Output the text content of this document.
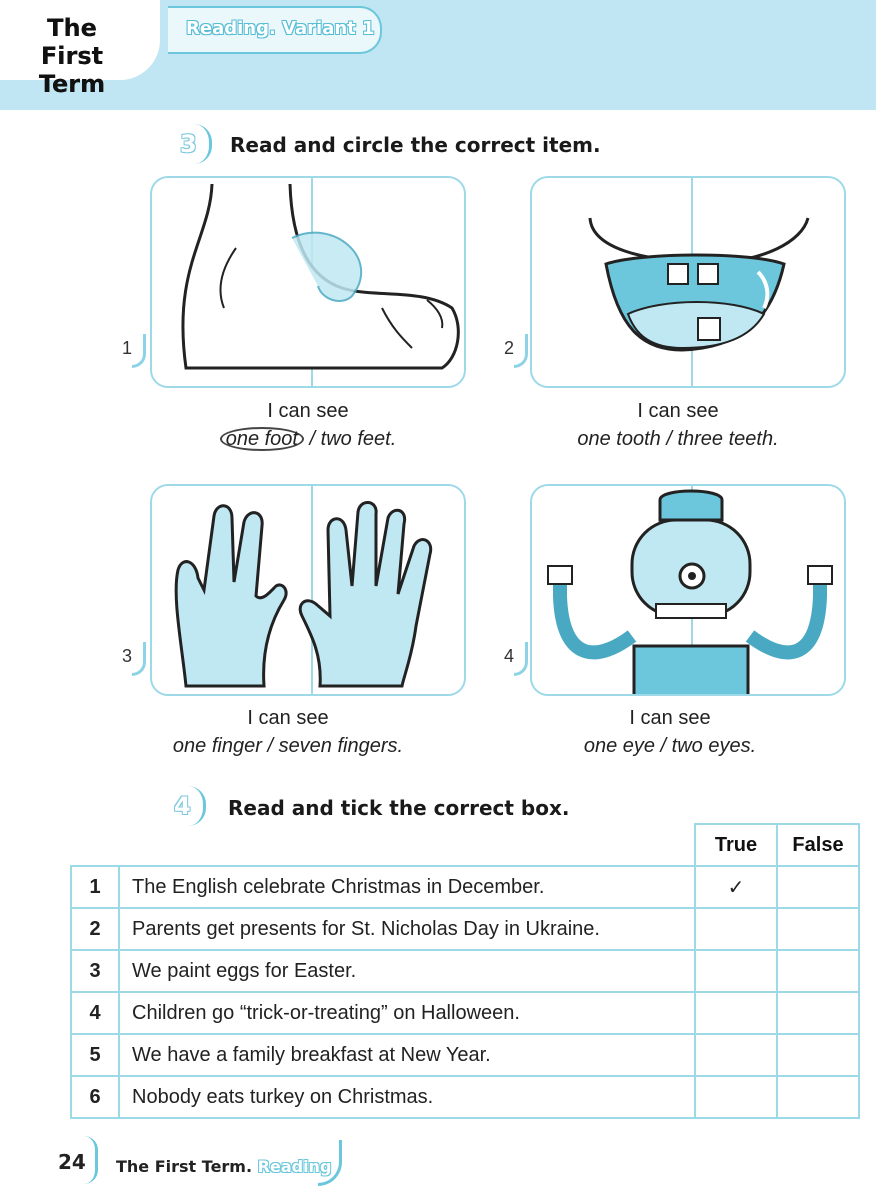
The First
Term
Reading. Variant 1
3 Read and circle the correct item.
1	2
I can see
one foot / two feet.
I can see
one tooth / three teeth.
3	4
I can see
one finger / seven fingers.
I can see
one eye / two eyes.
4 Read and tick the correct box.
		True	False
1	The English celebrate Christmas in December.	✓	
2	Parents get presents for St. Nicholas Day in Ukraine.		
3	We paint eggs for Easter.		
4	Children go “trick-or-treating” on Halloween.		
5	We have a family breakfast at New Year.		
6	Nobody eats turkey on Christmas.		
24 The First Term. Reading
